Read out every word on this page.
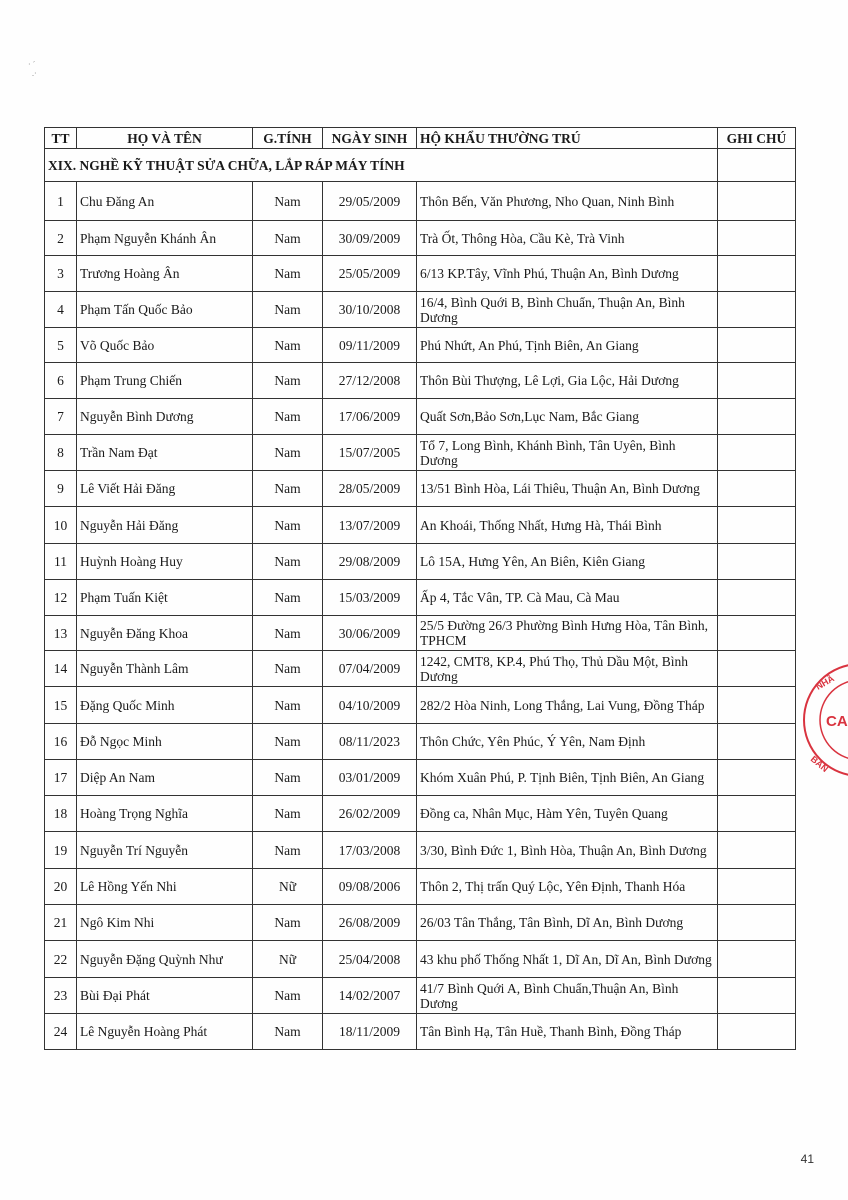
· ´
.·
TT	HỌ VÀ TÊN	G.TÍNH	NGÀY SINH	HỘ KHẨU THƯỜNG TRÚ	GHI CHÚ
XIX. NGHỀ KỸ THUẬT SỬA CHỮA, LẮP RÁP MÁY TÍNH					
1	Chu Đăng An	Nam	29/05/2009	Thôn Bến, Văn Phương, Nho Quan, Ninh Bình	
2	Phạm Nguyễn Khánh Ân	Nam	30/09/2009	Trà Ốt, Thông Hòa, Cầu Kè, Trà Vinh	
3	Trương Hoàng Ân	Nam	25/05/2009	6/13 KP.Tây, Vĩnh Phú, Thuận An, Bình Dương	
4	Phạm Tấn Quốc Bảo	Nam	30/10/2008	16/4, Bình Quới B, Bình Chuẩn, Thuận An, Bình Dương	
5	Võ Quốc Bảo	Nam	09/11/2009	Phú Nhứt, An Phú, Tịnh Biên, An Giang	
6	Phạm Trung Chiến	Nam	27/12/2008	Thôn Bùi Thượng, Lê Lợi, Gia Lộc, Hải Dương	
7	Nguyễn Bình Dương	Nam	17/06/2009	Quất Sơn,Bảo Sơn,Lục Nam, Bắc Giang	
8	Trần Nam Đạt	Nam	15/07/2005	Tổ 7, Long Bình, Khánh Bình, Tân Uyên, Bình Dương	
9	Lê Viết Hải Đăng	Nam	28/05/2009	13/51 Bình Hòa, Lái Thiêu, Thuận An, Bình Dương	
10	Nguyễn Hải Đăng	Nam	13/07/2009	An Khoái, Thống Nhất, Hưng Hà, Thái Bình	
11	Huỳnh Hoàng Huy	Nam	29/08/2009	Lô 15A, Hưng Yên, An Biên, Kiên Giang	
12	Phạm Tuấn Kiệt	Nam	15/03/2009	Ấp 4, Tắc Vân, TP. Cà Mau, Cà Mau	
13	Nguyễn Đăng Khoa	Nam	30/06/2009	25/5 Đường 26/3 Phường Bình Hưng Hòa, Tân Bình, TPHCM	
14	Nguyễn Thành Lâm	Nam	07/04/2009	1242, CMT8, KP.4, Phú Thọ, Thủ Dầu Một, Bình Dương	
15	Đặng Quốc Minh	Nam	04/10/2009	282/2 Hòa Ninh, Long Thắng, Lai Vung, Đồng Tháp	
16	Đỗ Ngọc Minh	Nam	08/11/2023	Thôn Chức, Yên Phúc, Ý Yên, Nam Định	
17	Diệp An Nam	Nam	03/01/2009	Khóm Xuân Phú, P. Tịnh Biên, Tịnh Biên, An Giang	
18	Hoàng Trọng Nghĩa	Nam	26/02/2009	Đồng ca, Nhân Mục, Hàm Yên, Tuyên Quang	
19	Nguyễn Trí Nguyễn	Nam	17/03/2008	3/30, Bình Đức 1, Bình Hòa, Thuận An, Bình Dương	
20	Lê Hồng Yến Nhi	Nữ	09/08/2006	Thôn 2, Thị trấn Quý Lộc, Yên Định, Thanh Hóa	
21	Ngô Kim Nhi	Nam	26/08/2009	26/03 Tân Thắng, Tân Bình, Dĩ An, Bình Dương	
22	Nguyễn Đặng Quỳnh Như	Nữ	25/04/2008	43 khu phố Thống Nhất 1, Dĩ An, Dĩ An, Bình Dương	
23	Bùi Đại Phát	Nam	14/02/2007	41/7 Bình Quới A, Bình Chuẩn,Thuận An, Bình Dương	
24	Lê Nguyễn Hoàng Phát	Nam	18/11/2009	Tân Bình Hạ, Tân Huề, Thanh Bình, Đồng Tháp	
CA
NHÂ
BAN
41
